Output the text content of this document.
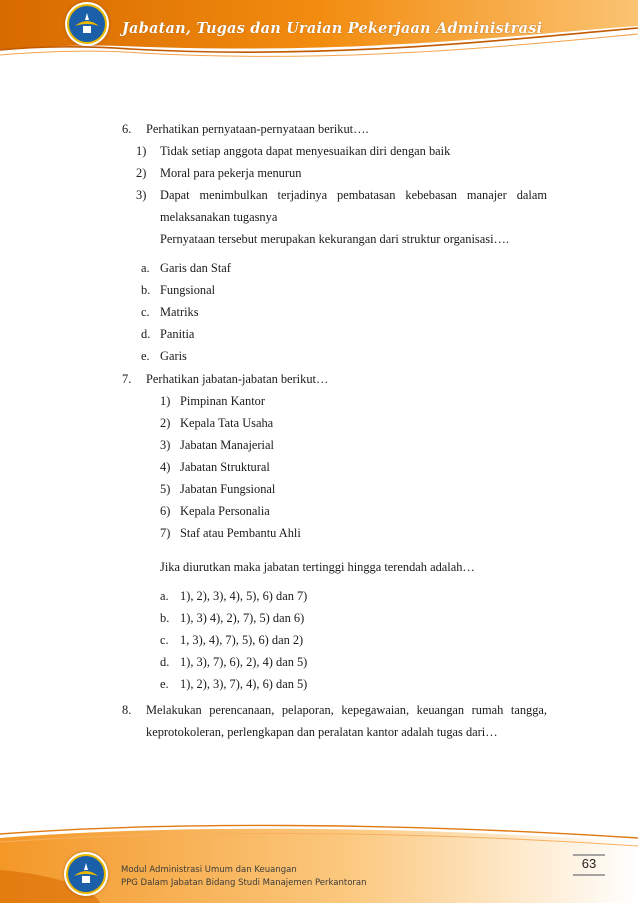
Jabatan, Tugas dan Uraian Pekerjaan Administrasi
6. Perhatikan pernyataan-pernyataan berikut….
1) Tidak setiap anggota dapat menyesuaikan diri dengan baik
2) Moral para pekerja menurun
3) Dapat menimbulkan terjadinya pembatasan kebebasan manajer dalam
melaksanakan tugasnya
Pernyataan tersebut merupakan kekurangan dari struktur organisasi….
a. Garis dan Staf
b. Fungsional
c. Matriks
d. Panitia
e. Garis
7. Perhatikan jabatan-jabatan berikut…
1) Pimpinan Kantor
2) Kepala Tata Usaha
3) Jabatan Manajerial
4) Jabatan Struktural
5) Jabatan Fungsional
6) Kepala Personalia
7) Staf atau Pembantu Ahli
Jika diurutkan maka jabatan tertinggi hingga terendah adalah…
a. 1), 2), 3), 4), 5), 6) dan 7)
b. 1), 3) 4), 2), 7), 5) dan 6)
c. 1, 3), 4), 7), 5), 6) dan 2)
d. 1), 3), 7), 6), 2), 4) dan 5)
e. 1), 2), 3), 7), 4), 6) dan 5)
8. Melakukan perencanaan, pelaporan, kepegawaian, keuangan rumah tangga,
keprotokoleran, perlengkapan dan peralatan kantor adalah tugas dari…
Modul Administrasi Umum dan Keuangan
PPG Dalam Jabatan Bidang Studi Manajemen Perkantoran
63
